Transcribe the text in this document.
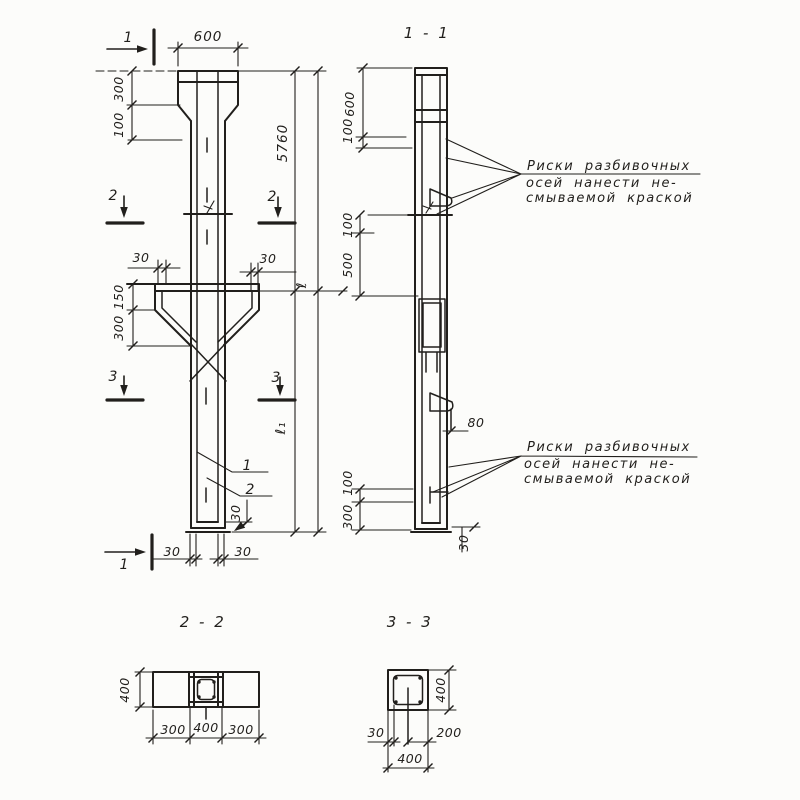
600
300
100
30	30
150
300
1
2
30	30
30
5760
ℓ
ℓ₁
1
1
2	2
3	3
1 - 1
600
100
100
500
80
100
300
30
Риски разбивочных
осей нанести не-
смываемой краской
Риски разбивочных
осей нанести не-
смываемой краской
2 - 2
400
300 400 300
3 - 3
400
30	200
400
